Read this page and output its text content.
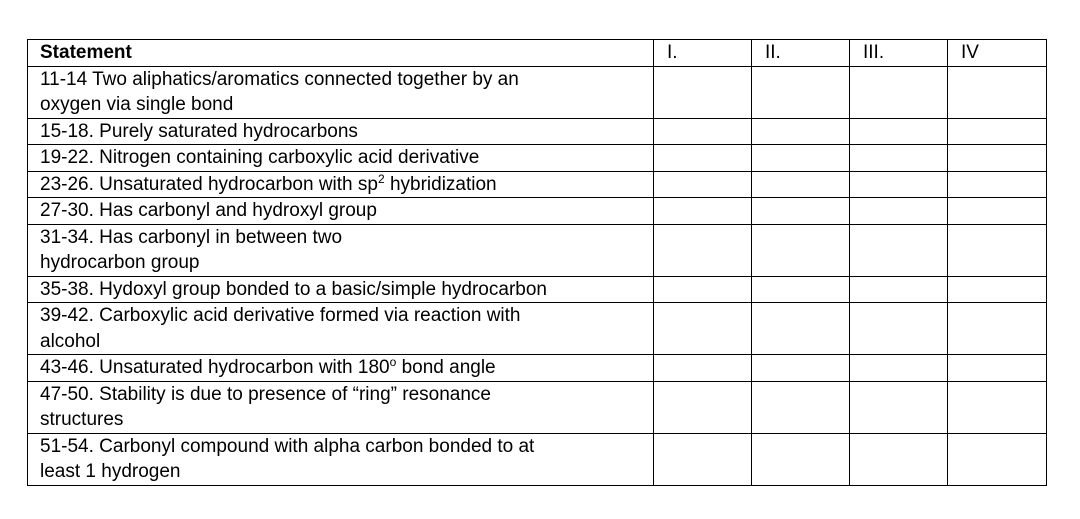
Statement	I.	II.	III.	IV
11-14 Two aliphatics/aromatics connected together by an
oxygen via single bond				
15-18. Purely saturated hydrocarbons				
19-22. Nitrogen containing carboxylic acid derivative				
23-26. Unsaturated hydrocarbon with $sp^2$ hybridization				
27-30. Has carbonyl and hydroxyl group				
31-34. Has carbonyl in between two
hydrocarbon group				
35-38. Hydoxyl group bonded to a basic/simple hydrocarbon				
39-42. Carboxylic acid derivative formed via reaction with
alcohol				
43-46. Unsaturated hydrocarbon with 180$^o$ bond angle				
47-50. Stability is due to presence of “ring” resonance
structures				
51-54. Carbonyl compound with alpha carbon bonded to at
least 1 hydrogen				
